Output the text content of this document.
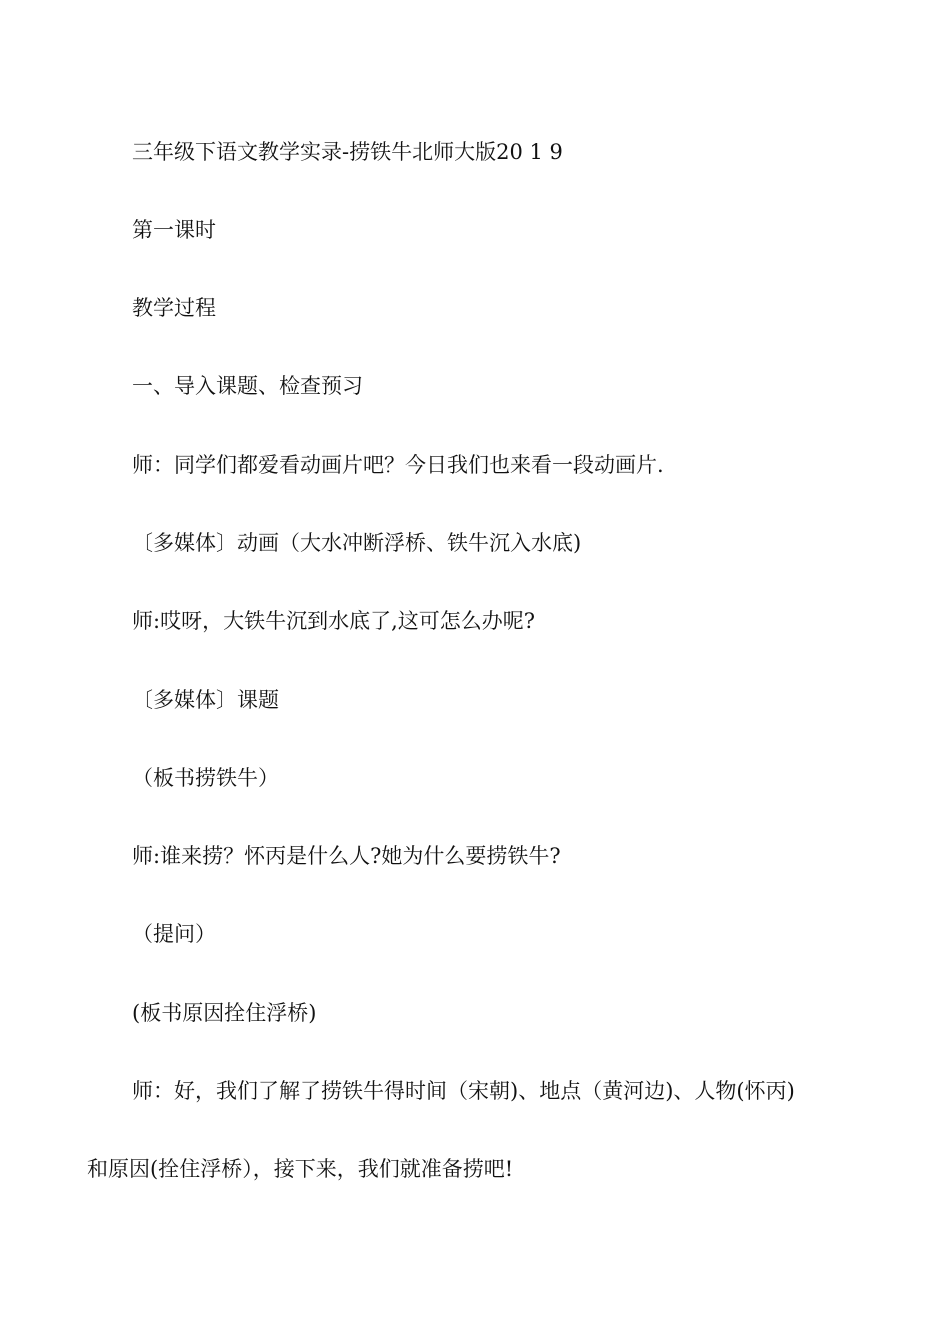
三年级下语文教学实录-捞铁牛北师大版20 1 9
第一课时
教学过程
一、导入课题、检查预习
师：同学们都爱看动画片吧？今日我们也来看一段动画片.
〔多媒体〕动画（大水冲断浮桥、铁牛沉入水底)
师:哎呀，大铁牛沉到水底了,这可怎么办呢?
〔多媒体〕课题
（板书捞铁牛）
师:谁来捞？怀丙是什么人?她为什么要捞铁牛?
（提问）
(板书原因拴住浮桥)
师：好，我们了解了捞铁牛得时间（宋朝)、地点（黄河边)、人物(怀丙)
和原因(拴住浮桥），接下来，我们就准备捞吧!
